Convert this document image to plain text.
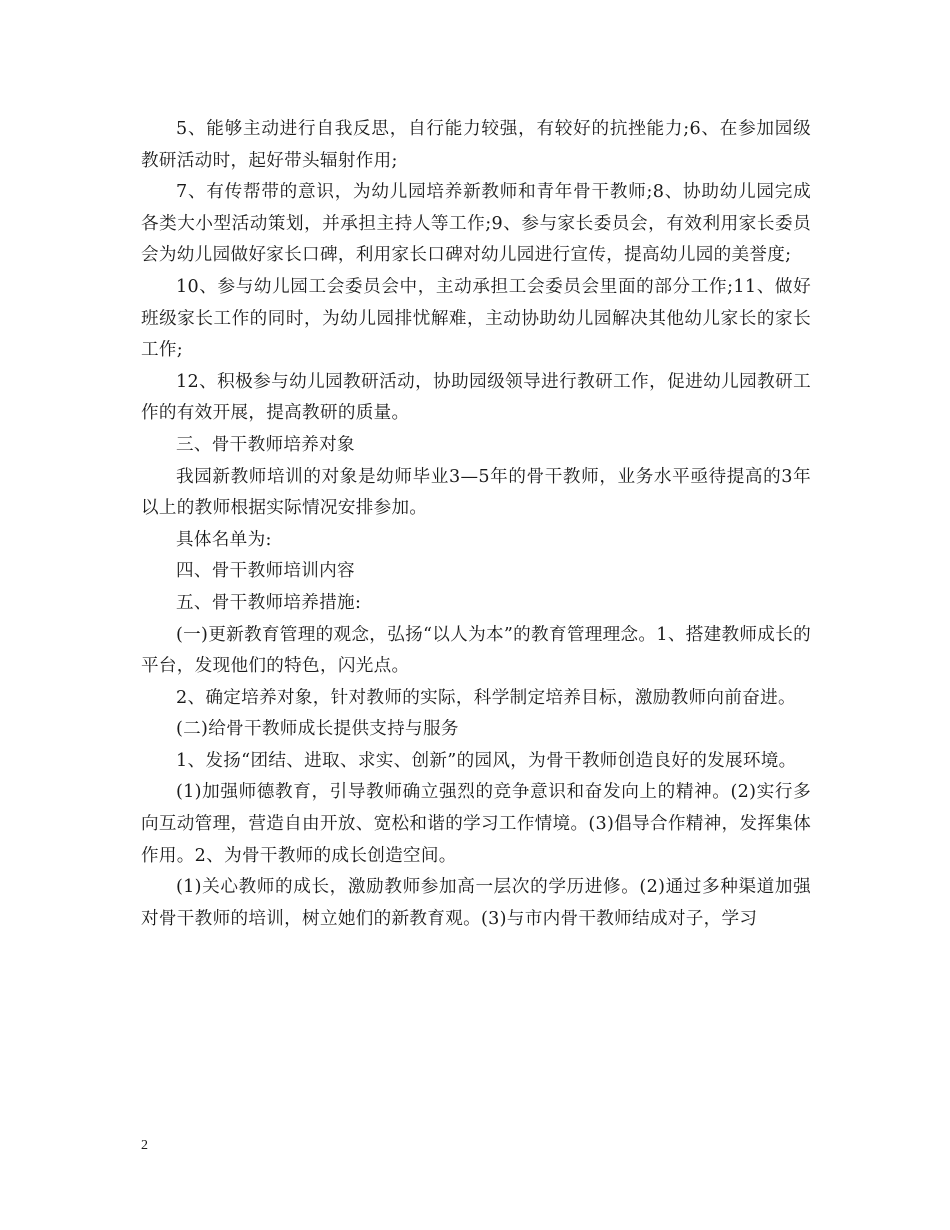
5、能够主动进行自我反思，自行能力较强，有较好的抗挫能力;6、在参加园级教研活动时，起好带头辐射作用;

7、有传帮带的意识，为幼儿园培养新教师和青年骨干教师;8、协助幼儿园完成各类大小型活动策划，并承担主持人等工作;9、参与家长委员会，有效利用家长委员会为幼儿园做好家长口碑，利用家长口碑对幼儿园进行宣传，提高幼儿园的美誉度;

10、参与幼儿园工会委员会中，主动承担工会委员会里面的部分工作;11、做好班级家长工作的同时，为幼儿园排忧解难，主动协助幼儿园解决其他幼儿家长的家长工作;

12、积极参与幼儿园教研活动，协助园级领导进行教研工作，促进幼儿园教研工作的有效开展，提高教研的质量。

三、骨干教师培养对象

我园新教师培训的对象是幼师毕业3—5年的骨干教师，业务水平亟待提高的3年以上的教师根据实际情况安排参加。

具体名单为:

四、骨干教师培训内容

五、骨干教师培养措施:

(一)更新教育管理的观念，弘扬“以人为本”的教育管理理念。1、搭建教师成长的平台，发现他们的特色，闪光点。

2、确定培养对象，针对教师的实际，科学制定培养目标，激励教师向前奋进。

(二)给骨干教师成长提供支持与服务

1、发扬“团结、进取、求实、创新”的园风，为骨干教师创造良好的发展环境。

(1)加强师德教育，引导教师确立强烈的竞争意识和奋发向上的精神。(2)实行多向互动管理，营造自由开放、宽松和谐的学习工作情境。(3)倡导合作精神，发挥集体作用。2、为骨干教师的成长创造空间。

(1)关心教师的成长，激励教师参加高一层次的学历进修。(2)通过多种渠道加强对骨干教师的培训，树立她们的新教育观。(3)与市内骨干教师结成对子，学习

2
